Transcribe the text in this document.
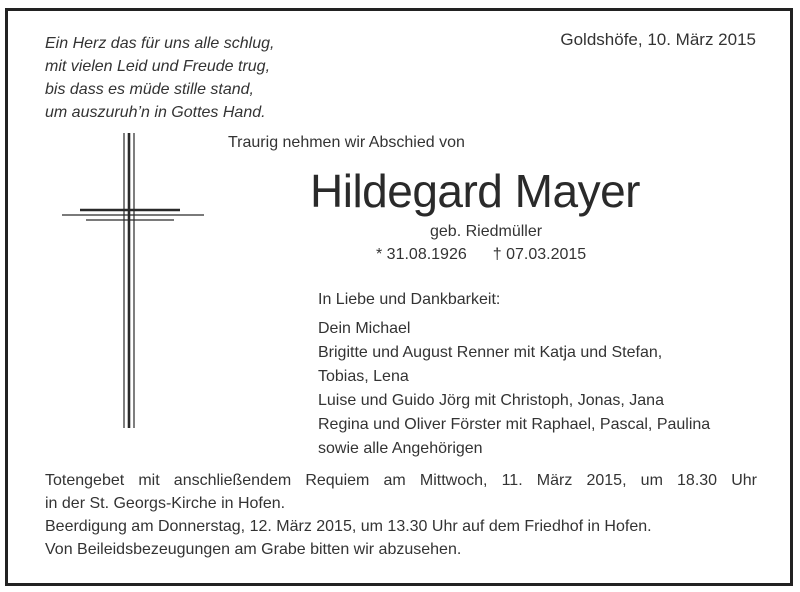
Ein Herz das für uns alle schlug,
mit vielen Leid und Freude trug,
bis dass es müde stille stand,
um auszuruh’n in Gottes Hand.
Goldshöfe, 10. März 2015
Traurig nehmen wir Abschied von
Hildegard Mayer
geb. Riedmüller
* 31.08.1926 † 07.03.2015
In Liebe und Dankbarkeit:
Dein Michael
Brigitte und August Renner mit Katja und Stefan,
Tobias, Lena
Luise und Guido Jörg mit Christoph, Jonas, Jana
Regina und Oliver Förster mit Raphael, Pascal, Paulina
sowie alle Angehörigen
Totengebet mit anschließendem Requiem am Mittwoch, 11. März 2015, um 18.30 Uhr
in der St. Georgs-Kirche in Hofen.
Beerdigung am Donnerstag, 12. März 2015, um 13.30 Uhr auf dem Friedhof in Hofen.
Von Beileidsbezeugungen am Grabe bitten wir abzusehen.
